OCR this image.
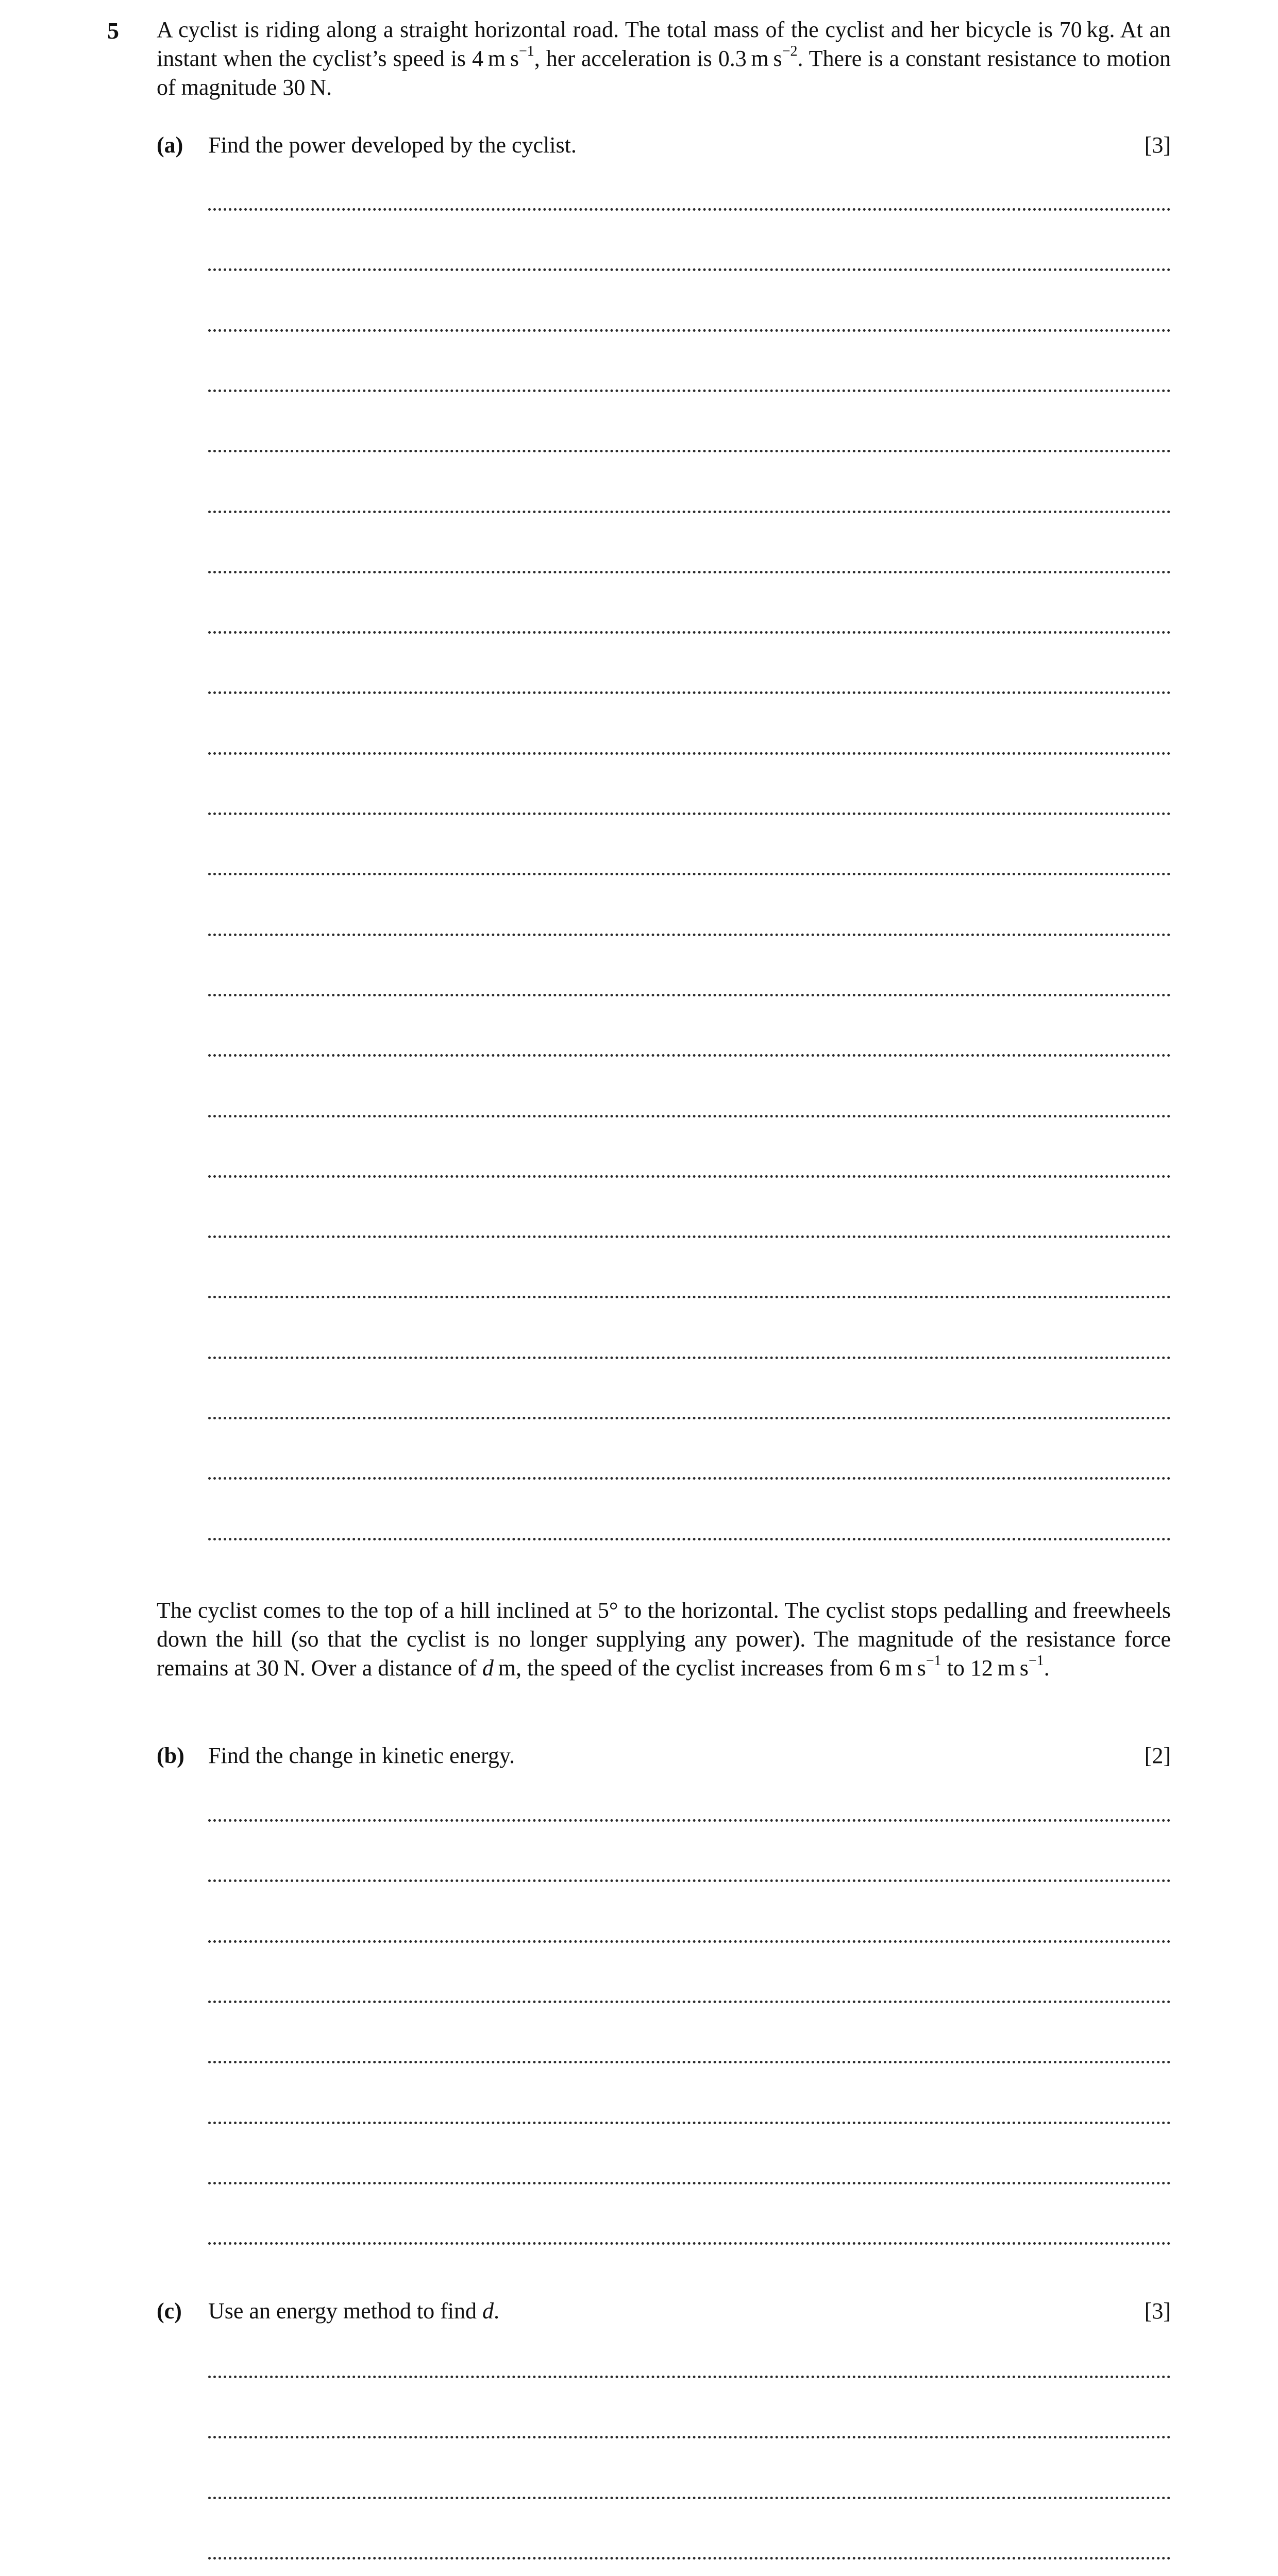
5 A cyclist is riding along a straight horizontal road. The total mass of the cyclist and her bicycle is 70 kg. At an instant when the cyclist’s speed is 4 m $s^{-1}$, her acceleration is 0.3 m $s^{-2}$. There is a constant resistance to motion of magnitude 30 N.

(a) Find the power developed by the cyclist.	[3]

The cyclist comes to the top of a hill inclined at 5° to the horizontal. The cyclist stops pedalling and freewheels down the hill (so that the cyclist is no longer supplying any power). The magnitude of the resistance force remains at 30 N. Over a distance of d m, the speed of the cyclist increases from 6 m $s^{-1}$ to 12 m $s^{-1}$.

(b) Find the change in kinetic energy.	[2]
(c) Use an energy method to find d.	[3]
